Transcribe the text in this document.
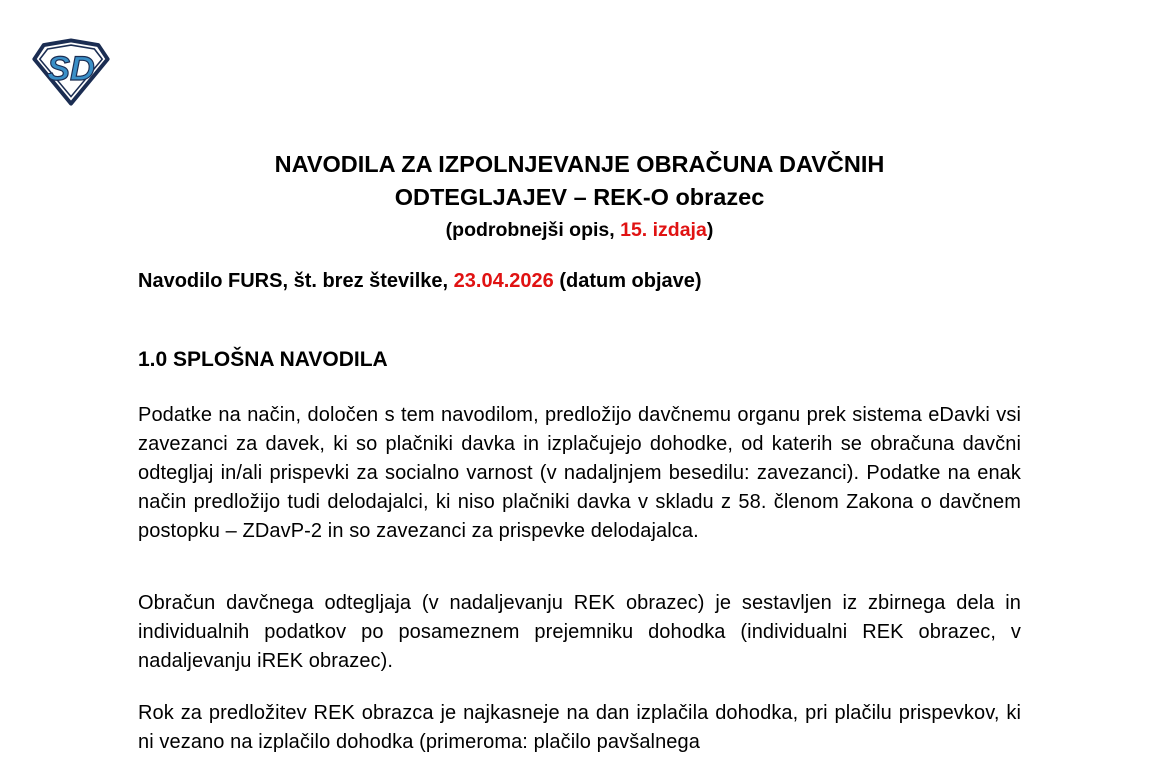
SD
NAVODILA ZA IZPOLNJEVANJE OBRAČUNA DAVČNIH
ODTEGLJAJEV – REK-O obrazec
(podrobnejši opis, 15. izdaja)
Navodilo FURS, št. brez številke, 23.04.2026 (datum objave)
1.0 SPLOŠNA NAVODILA
Podatke na način, določen s tem navodilom, predložijo davčnemu organu prek sistema eDavki vsi zavezanci za davek, ki so plačniki davka in izplačujejo dohodke, od katerih se obračuna davčni odtegljaj in/ali prispevki za socialno varnost (v nadaljnjem besedilu: zavezanci). Podatke na enak način predložijo tudi delodajalci, ki niso plačniki davka v skladu z 58. členom Zakona o davčnem postopku – ZDavP-2 in so zavezanci za prispevke delodajalca.
Obračun davčnega odtegljaja (v nadaljevanju REK obrazec) je sestavljen iz zbirnega dela in individualnih podatkov po posameznem prejemniku dohodka (individualni REK obrazec, v nadaljevanju iREK obrazec).
Rok za predložitev REK obrazca je najkasneje na dan izplačila dohodka, pri plačilu prispevkov, ki ni vezano na izplačilo dohodka (primeroma: plačilo pavšalnega
